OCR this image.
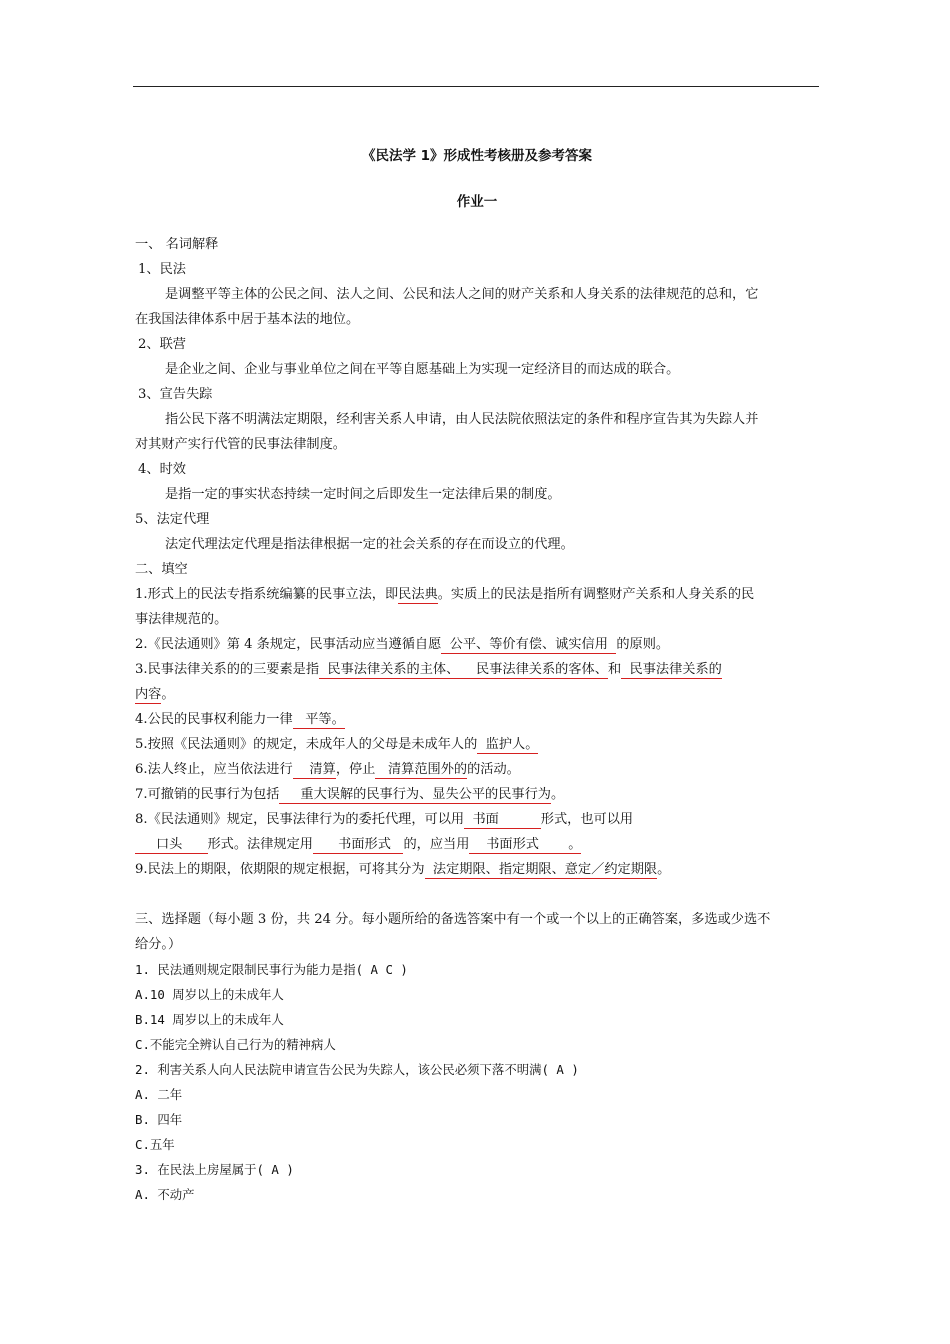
《民法学 1》形成性考核册及参考答案
作业一
一、 名词解释
1、民法
是调整平等主体的公民之间、法人之间、公民和法人之间的财产关系和人身关系的法律规范的总和，它
在我国法律体系中居于基本法的地位。
2、联营
是企业之间、企业与事业单位之间在平等自愿基础上为实现一定经济目的而达成的联合。
3、宣告失踪
指公民下落不明满法定期限，经利害关系人申请，由人民法院依照法定的条件和程序宣告其为失踪人并
对其财产实行代管的民事法律制度。
4、时效
是指一定的事实状态持续一定时间之后即发生一定法律后果的制度。
5、法定代理
法定代理法定代理是指法律根据一定的社会关系的存在而设立的代理。
二、填空
1.形式上的民法专指系统编纂的民事立法，即民法典。实质上的民法是指所有调整财产关系和人身关系的民
事法律规范的。
2.《民法通则》第 4 条规定，民事活动应当遵循自愿  公平、等价有偿、诚实信用  的原则。
3.民事法律关系的的三要素是指  民事法律关系的主体、    民事法律关系的客体、和  民事法律关系的
内容。
4.公民的民事权利能力一律   平等。
5.按照《民法通则》的规定，未成年人的父母是未成年人的  监护人。
6.法人终止，应当依法进行    清算，停止   清算范围外的的活动。
7.可撤销的民事行为包括     重大误解的民事行为、显失公平的民事行为。
8.《民法通则》规定，民事法律行为的委托代理，可以用  书面          形式，也可以用
口头      形式。法律规定用      书面形式   的，应当用    书面形式       。
9.民法上的期限，依期限的规定根据，可将其分为  法定期限、指定期限、意定／约定期限。
三、选择题（每小题 3 份，共 24 分。每小题所给的备选答案中有一个或一个以上的正确答案，多选或少选不
给分。）
1. 民法通则规定限制民事行为能力是指( A C )
A.10 周岁以上的未成年人
B.14 周岁以上的未成年人
C.不能完全辨认自己行为的精神病人
2. 利害关系人向人民法院申请宣告公民为失踪人，该公民必须下落不明满( A )
A. 二年
B. 四年
C.五年
3. 在民法上房屋属于( A )
A. 不动产
